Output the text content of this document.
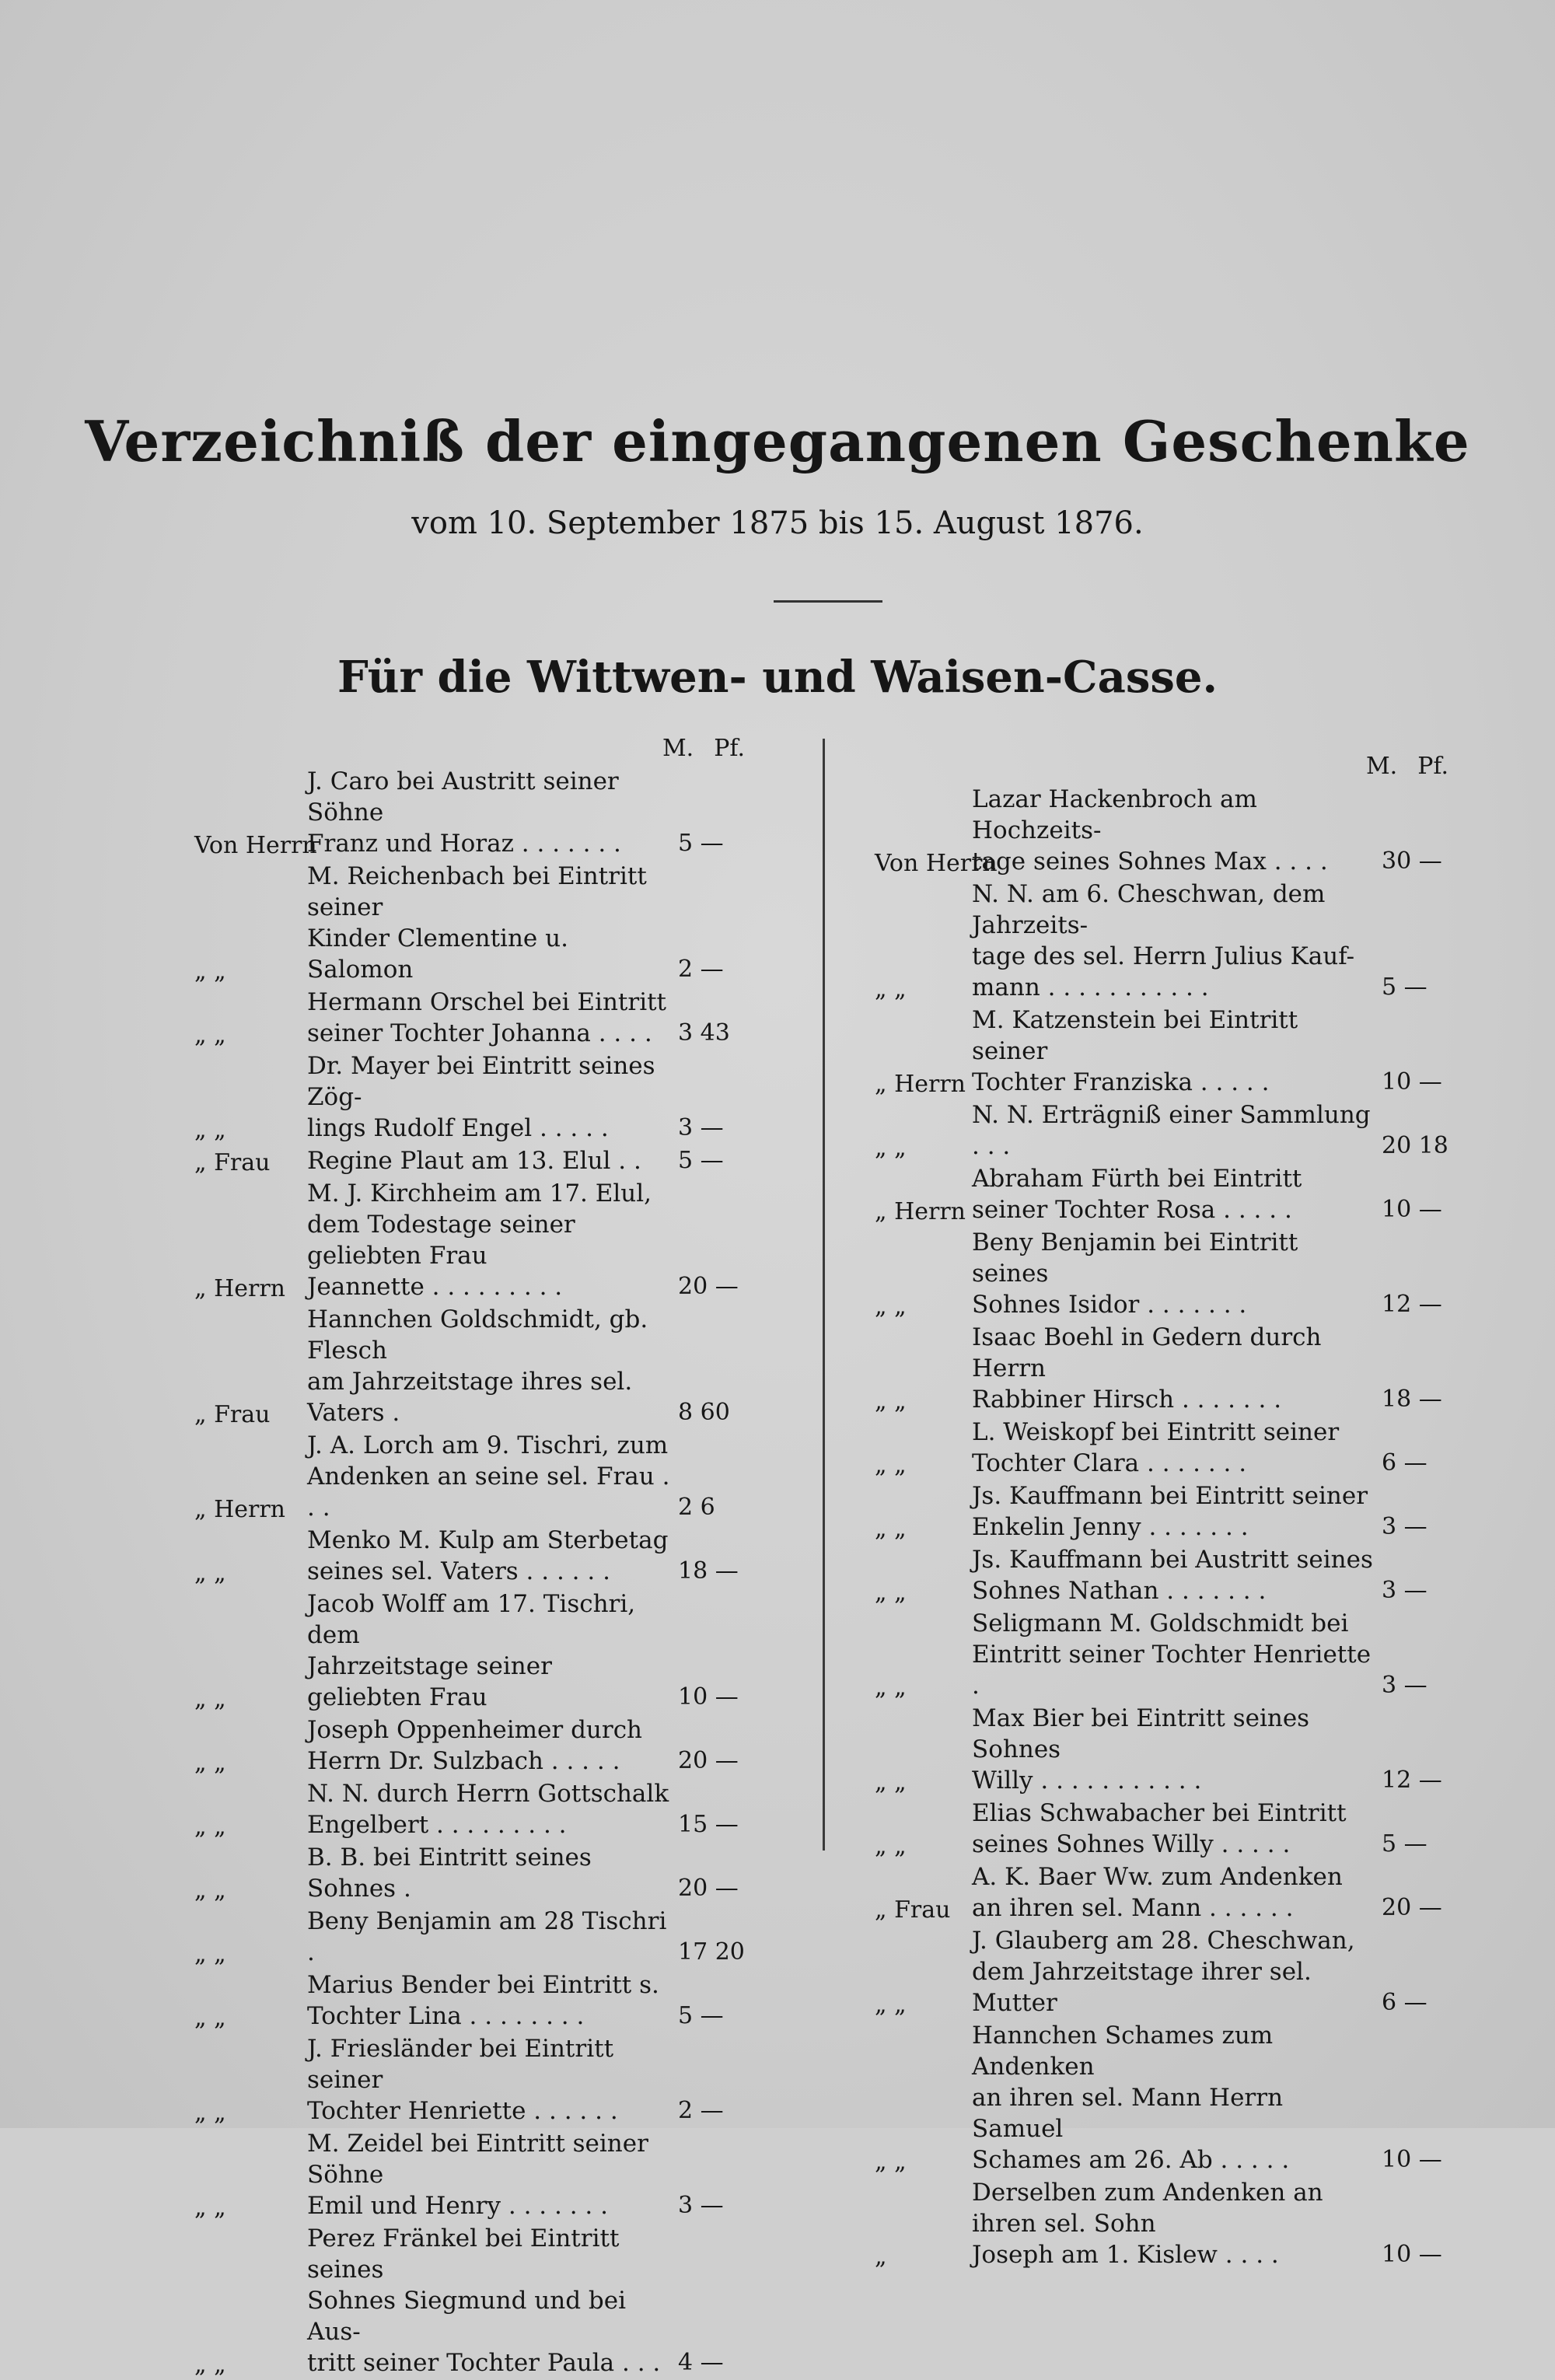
Verzeichniß der eingegangenen Geschenke
vom 10. September 1875 bis 15. August 1876.
Für die Wittwen- und Waisen-Casse.
M. Pf.
Von Herrn
J. Caro bei Austritt seiner Söhne
Franz und Horaz . . . . . . .	5 —
„ „
M. Reichenbach bei Eintritt seiner
Kinder Clementine u. Salomon	2 —
„ „
Hermann Orschel bei Eintritt
seiner Tochter Johanna . . . .	3 43
„ „
Dr. Mayer bei Eintritt seines Zög-
lings Rudolf Engel . . . . .	3 —
„ Frau	Regine Plaut am 13. Elul . .	5 —
„ Herrn
M. J. Kirchheim am 17. Elul,
dem Todestage seiner geliebten Frau
Jeannette . . . . . . . . .	20 —
„ Frau
Hannchen Goldschmidt, gb. Flesch
am Jahrzeitstage ihres sel. Vaters .	8 60
„ Herrn
J. A. Lorch am 9. Tischri, zum
Andenken an seine sel. Frau . . .	2 6
„ „
Menko M. Kulp am Sterbetag
seines sel. Vaters . . . . . .	18 —
„ „
Jacob Wolff am 17. Tischri, dem
Jahrzeitstage seiner geliebten Frau	10 —
„ „
Joseph Oppenheimer durch
Herrn Dr. Sulzbach . . . . .	20 —
„ „
N. N. durch Herrn Gottschalk
Engelbert . . . . . . . . .	15 —
„ „
B. B. bei Eintritt seines Sohnes .	20 —
„ „
Beny Benjamin am 28 Tischri .	17 20
„ „
Marius Bender bei Eintritt s.
Tochter Lina . . . . . . . .	5 —
„ „
J. Friesländer bei Eintritt seiner
Tochter Henriette . . . . . .	2 —
„ „
M. Zeidel bei Eintritt seiner Söhne
Emil und Henry . . . . . . .	3 —
„ „
Perez Fränkel bei Eintritt seines
Sohnes Siegmund und bei Aus-
tritt seiner Tochter Paula . . . 4 —
M. Pf.
Von Herrn
Lazar Hackenbroch am Hochzeits-
tage seines Sohnes Max . . . .	30 —
„ „
N. N. am 6. Cheschwan, dem Jahrzeits-
tage des sel. Herrn Julius Kauf-
mann . . . . . . . . . . .	5 —
„ Herrn
M. Katzenstein bei Eintritt seiner
Tochter Franziska . . . . .	10 —
„ „
N. N. Erträgniß einer Sammlung . . .	20 18
„ Herrn
Abraham Fürth bei Eintritt
seiner Tochter Rosa . . . . .	10 —
„ „
Beny Benjamin bei Eintritt seines
Sohnes Isidor . . . . . . .	12 —
„ „
Isaac Boehl in Gedern durch Herrn
Rabbiner Hirsch . . . . . . .	18 —
„ „
L. Weiskopf bei Eintritt seiner
Tochter Clara . . . . . . .	6 —
„ „
Js. Kauffmann bei Eintritt seiner
Enkelin Jenny . . . . . . .	3 —
„ „
Js. Kauffmann bei Austritt seines
Sohnes Nathan . . . . . . .	3 —
„ „
Seligmann M. Goldschmidt bei
Eintritt seiner Tochter Henriette .	3 —
„ „
Max Bier bei Eintritt seines Sohnes
Willy . . . . . . . . . . .	12 —
„ „
Elias Schwabacher bei Eintritt
seines Sohnes Willy . . . . .	5 —
„ Frau
A. K. Baer Ww. zum Andenken
an ihren sel. Mann . . . . . .	20 —
„ „
J. Glauberg am 28. Cheschwan,
dem Jahrzeitstage ihrer sel. Mutter	6 —
„ „
Hannchen Schames zum Andenken
an ihren sel. Mann Herrn Samuel
Schames am 26. Ab . . . . .	10 —
„
Derselben zum Andenken an ihren sel. Sohn
Joseph am 1. Kislew . . . .	10 —
